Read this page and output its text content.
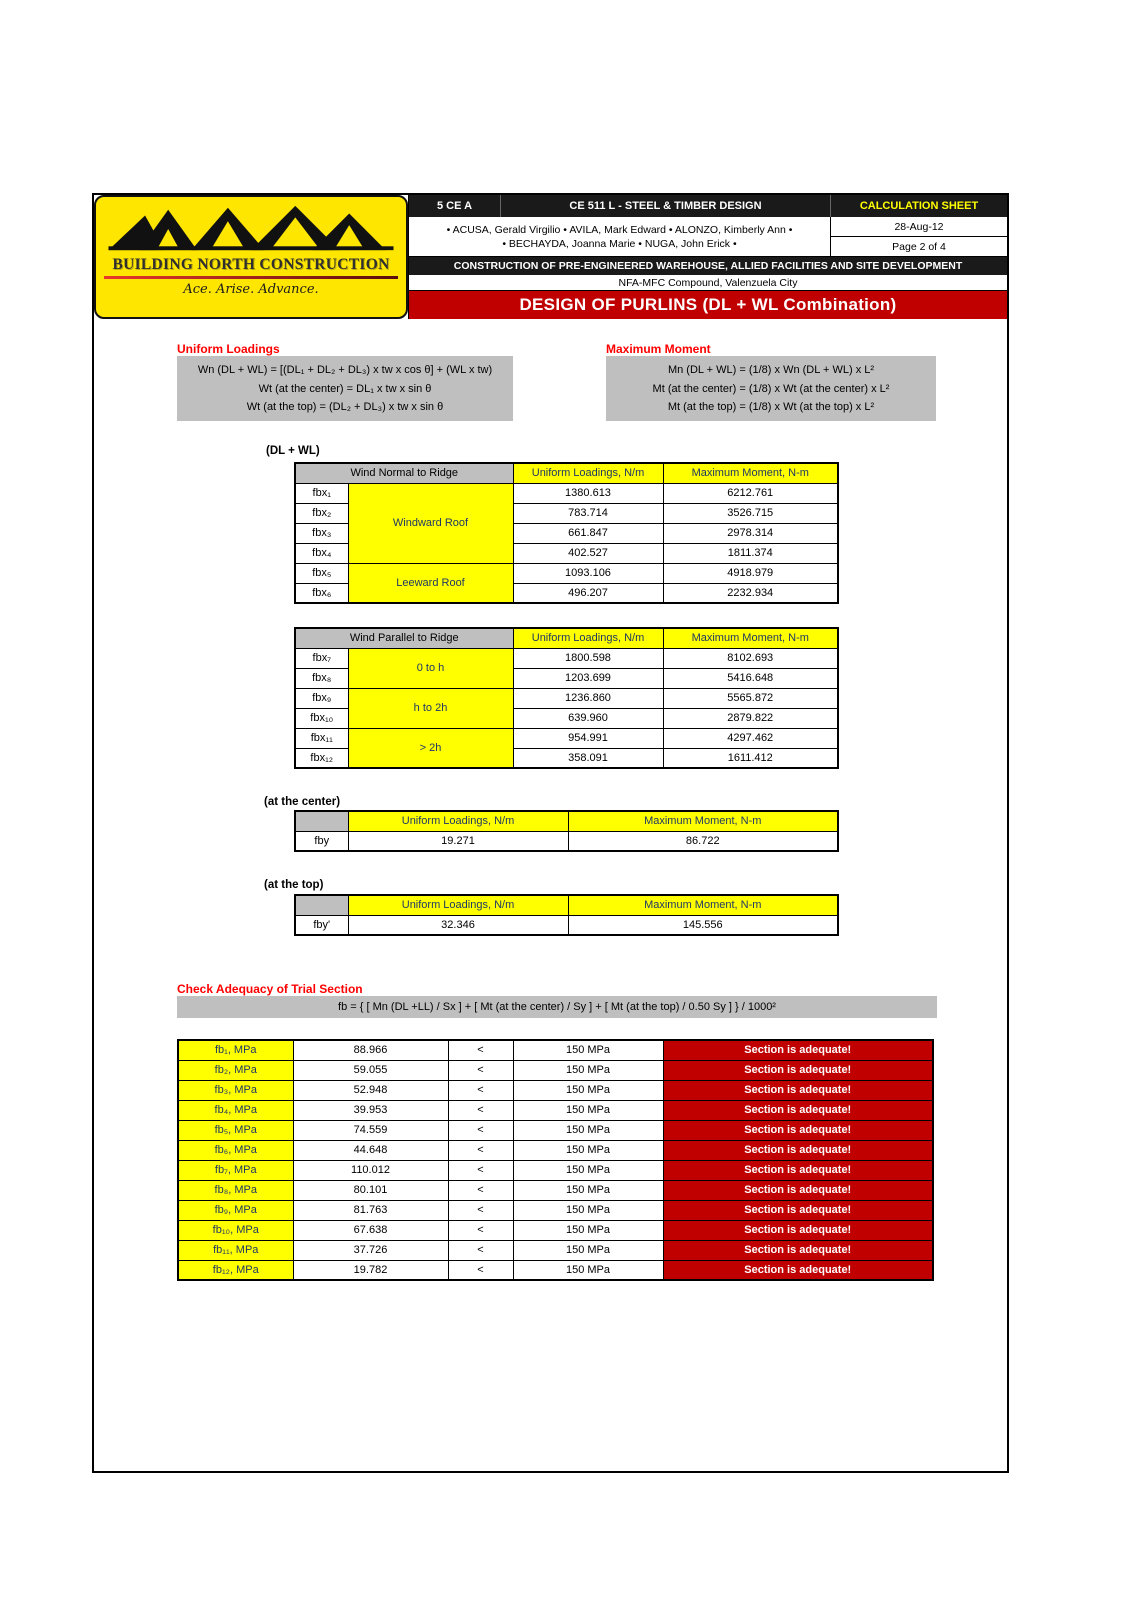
BUILDING NORTH CONSTRUCTION
Ace. Arise. Advance.
5 CE A	CE 511 L - STEEL & TIMBER DESIGN	CALCULATION SHEET
• ACUSA, Gerald Virgilio • AVILA, Mark Edward • ALONZO, Kimberly Ann •
• BECHAYDA, Joanna Marie • NUGA, John Erick •
28-Aug-12
Page 2 of 4
CONSTRUCTION OF PRE-ENGINEERED WAREHOUSE, ALLIED FACILITIES AND SITE DEVELOPMENT
NFA-MFC Compound, Valenzuela City
DESIGN OF PURLINS (DL + WL Combination)
Uniform Loadings
Wn (DL + WL) = [(DL₁ + DL₂ + DL₃) x tw x cos θ] + (WL x tw)
Wt (at the center) = DL₁ x tw x sin θ
Wt (at the top) = (DL₂ + DL₃) x tw x sin θ
Maximum Moment
Mn (DL + WL) = (1/8) x Wn (DL + WL) x L²
Mt (at the center) = (1/8) x Wt (at the center) x L²
Mt (at the top) = (1/8) x Wt (at the top) x L²
(DL + WL)
Wind Normal to Ridge		Uniform Loadings, N/m	Maximum Moment, N-m
fbx₁	Windward Roof	1380.613	6212.761
fbx₂		783.714	3526.715
fbx₃		661.847	2978.314
fbx₄		402.527	1811.374
fbx₅	Leeward Roof	1093.106	4918.979
fbx₆		496.207	2232.934
Wind Parallel to Ridge		Uniform Loadings, N/m	Maximum Moment, N-m
fbx₇	0 to h	1800.598	8102.693
fbx₈		1203.699	5416.648
fbx₉	h to 2h	1236.860	5565.872
fbx₁₀		639.960	2879.822
fbx₁₁	> 2h	954.991	4297.462
fbx₁₂		358.091	1611.412
(at the center)
	Uniform Loadings, N/m	Maximum Moment, N-m
fby	19.271	86.722
(at the top)
	Uniform Loadings, N/m	Maximum Moment, N-m
fby'	32.346	145.556
Check Adequacy of Trial Section
fb = { [ Mn (DL +LL) / Sx ] + [ Mt (at the center) / Sy ] + [ Mt (at the top) / 0.50 Sy ] } / 1000²
fb₁, MPa	88.966	<	150 MPa	Section is adequate!
fb₂, MPa	59.055	<	150 MPa	Section is adequate!
fb₃, MPa	52.948	<	150 MPa	Section is adequate!
fb₄, MPa	39.953	<	150 MPa	Section is adequate!
fb₅, MPa	74.559	<	150 MPa	Section is adequate!
fb₆, MPa	44.648	<	150 MPa	Section is adequate!
fb₇, MPa	110.012	<	150 MPa	Section is adequate!
fb₈, MPa	80.101	<	150 MPa	Section is adequate!
fb₉, MPa	81.763	<	150 MPa	Section is adequate!
fb₁₀, MPa	67.638	<	150 MPa	Section is adequate!
fb₁₁, MPa	37.726	<	150 MPa	Section is adequate!
fb₁₂, MPa	19.782	<	150 MPa	Section is adequate!
